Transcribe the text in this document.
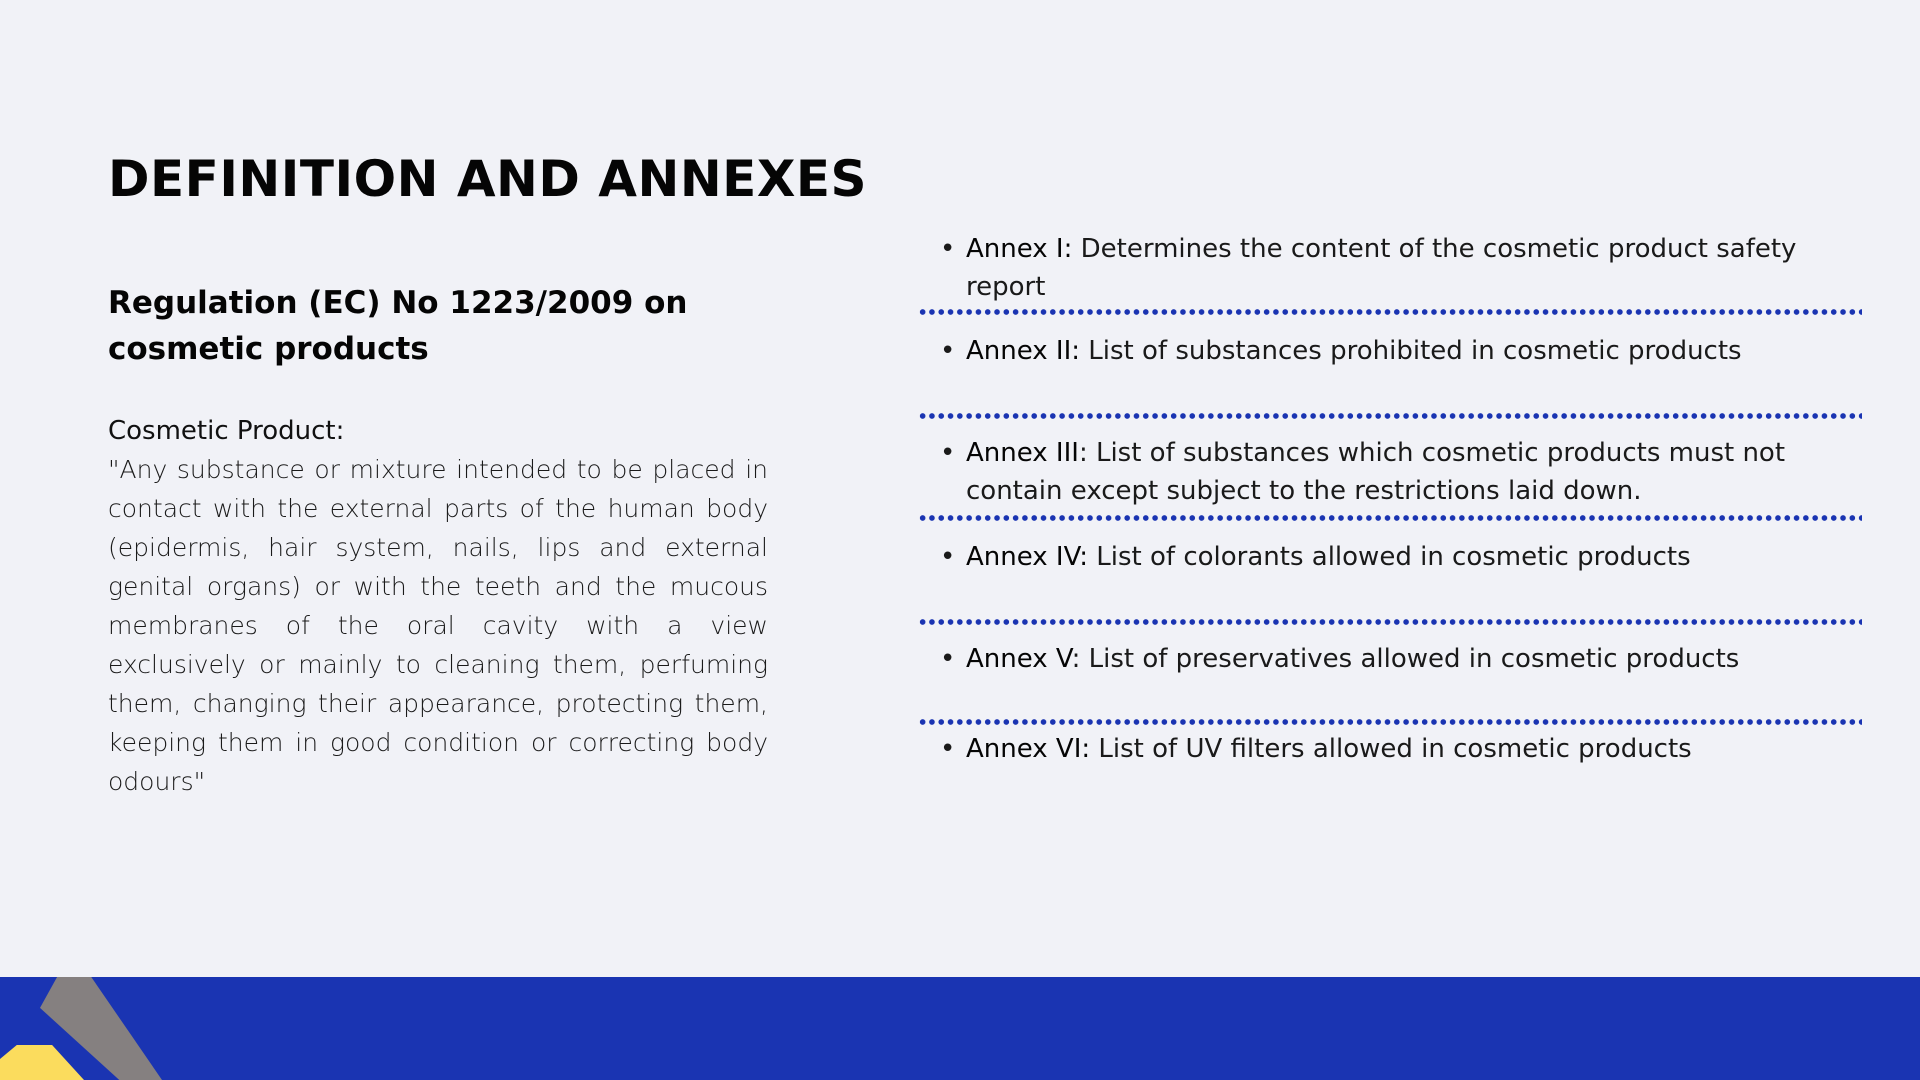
DEFINITION AND ANNEXES
Regulation (EC) No 1223/2009 on cosmetic products

Cosmetic Product:

"Any substance or mixture intended to be placed in contact with the external parts of the human body (epidermis, hair system, nails, lips and external genital organs) or with the teeth and the mucous membranes of the oral cavity with a view exclusively or mainly to cleaning them, perfuming them, changing their appearance, protecting them, keeping them in good condition or correcting body odours"

• Annex I: Determines the content of the cosmetic product safety report
• Annex II: List of substances prohibited in cosmetic products
• Annex III: List of substances which cosmetic products must not contain except subject to the restrictions laid down.
• Annex IV: List of colorants allowed in cosmetic products
• Annex V: List of preservatives allowed in cosmetic products
• Annex VI: List of UV filters allowed in cosmetic products
